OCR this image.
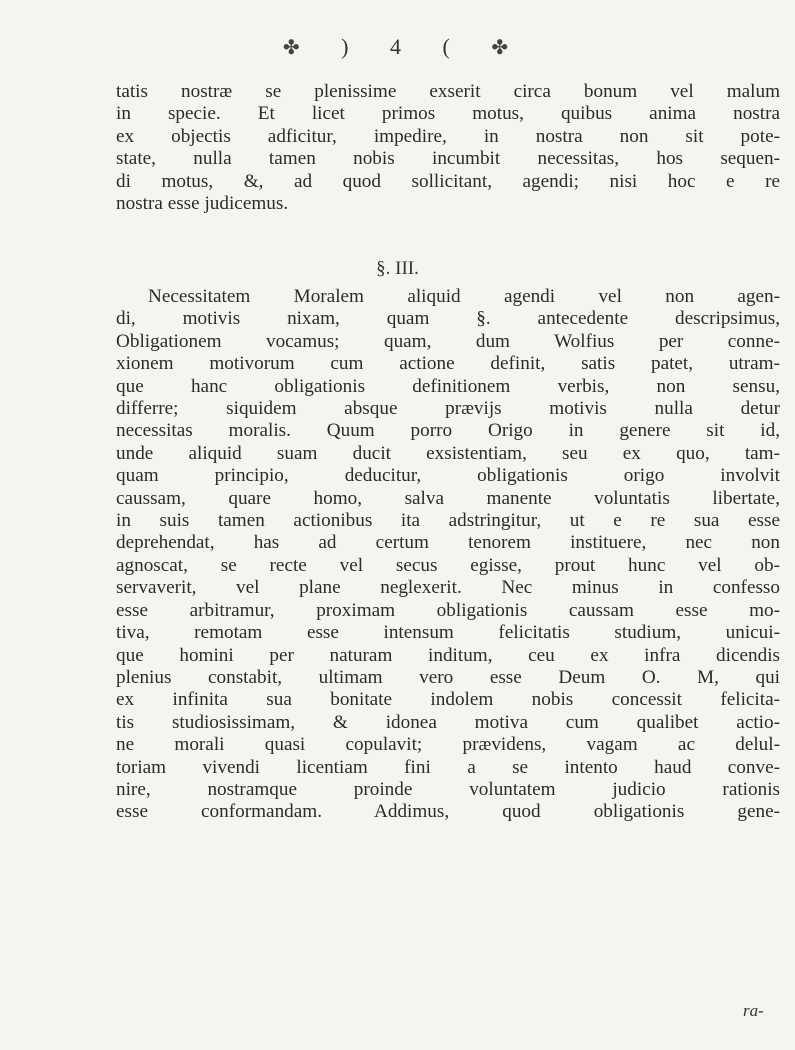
✤ ) 4 ( ✤
tatis nostræ se plenissime exserit circa bonum vel malum
in specie. Et licet primos motus, quibus anima nostra
ex objectis adficitur, impedire, in nostra non sit pote-
state, nulla tamen nobis incumbit necessitas, hos sequen-
di motus, &, ad quod sollicitant, agendi; nisi hoc e re
nostra esse judicemus.
§. III.
Necessitatem Moralem aliquid agendi vel non agen-
di, motivis nixam, quam §. antecedente descripsimus,
Obligationem vocamus; quam, dum Wolfius per conne-
xionem motivorum cum actione definit, satis patet, utram-
que hanc obligationis definitionem verbis, non sensu,
differre; siquidem absque prævijs motivis nulla detur
necessitas moralis. Quum porro Origo in genere sit id,
unde aliquid suam ducit exsistentiam, seu ex quo, tam-
quam principio, deducitur, obligationis origo involvit
caussam, quare homo, salva manente voluntatis libertate,
in suis tamen actionibus ita adstringitur, ut e re sua esse
deprehendat, has ad certum tenorem instituere, nec non
agnoscat, se recte vel secus egisse, prout hunc vel ob-
servaverit, vel plane neglexerit. Nec minus in confesso
esse arbitramur, proximam obligationis caussam esse mo-
tiva, remotam esse intensum felicitatis studium, unicui-
que homini per naturam inditum, ceu ex infra dicendis
plenius constabit, ultimam vero esse Deum O. M, qui
ex infinita sua bonitate indolem nobis concessit felicita-
tis studiosissimam, & idonea motiva cum qualibet actio-
ne morali quasi copulavit; prævidens, vagam ac delul-
toriam vivendi licentiam fini a se intento haud conve-
nire, nostramque proinde voluntatem judicio rationis
esse conformandam. Addimus, quod obligationis gene-
ra-
